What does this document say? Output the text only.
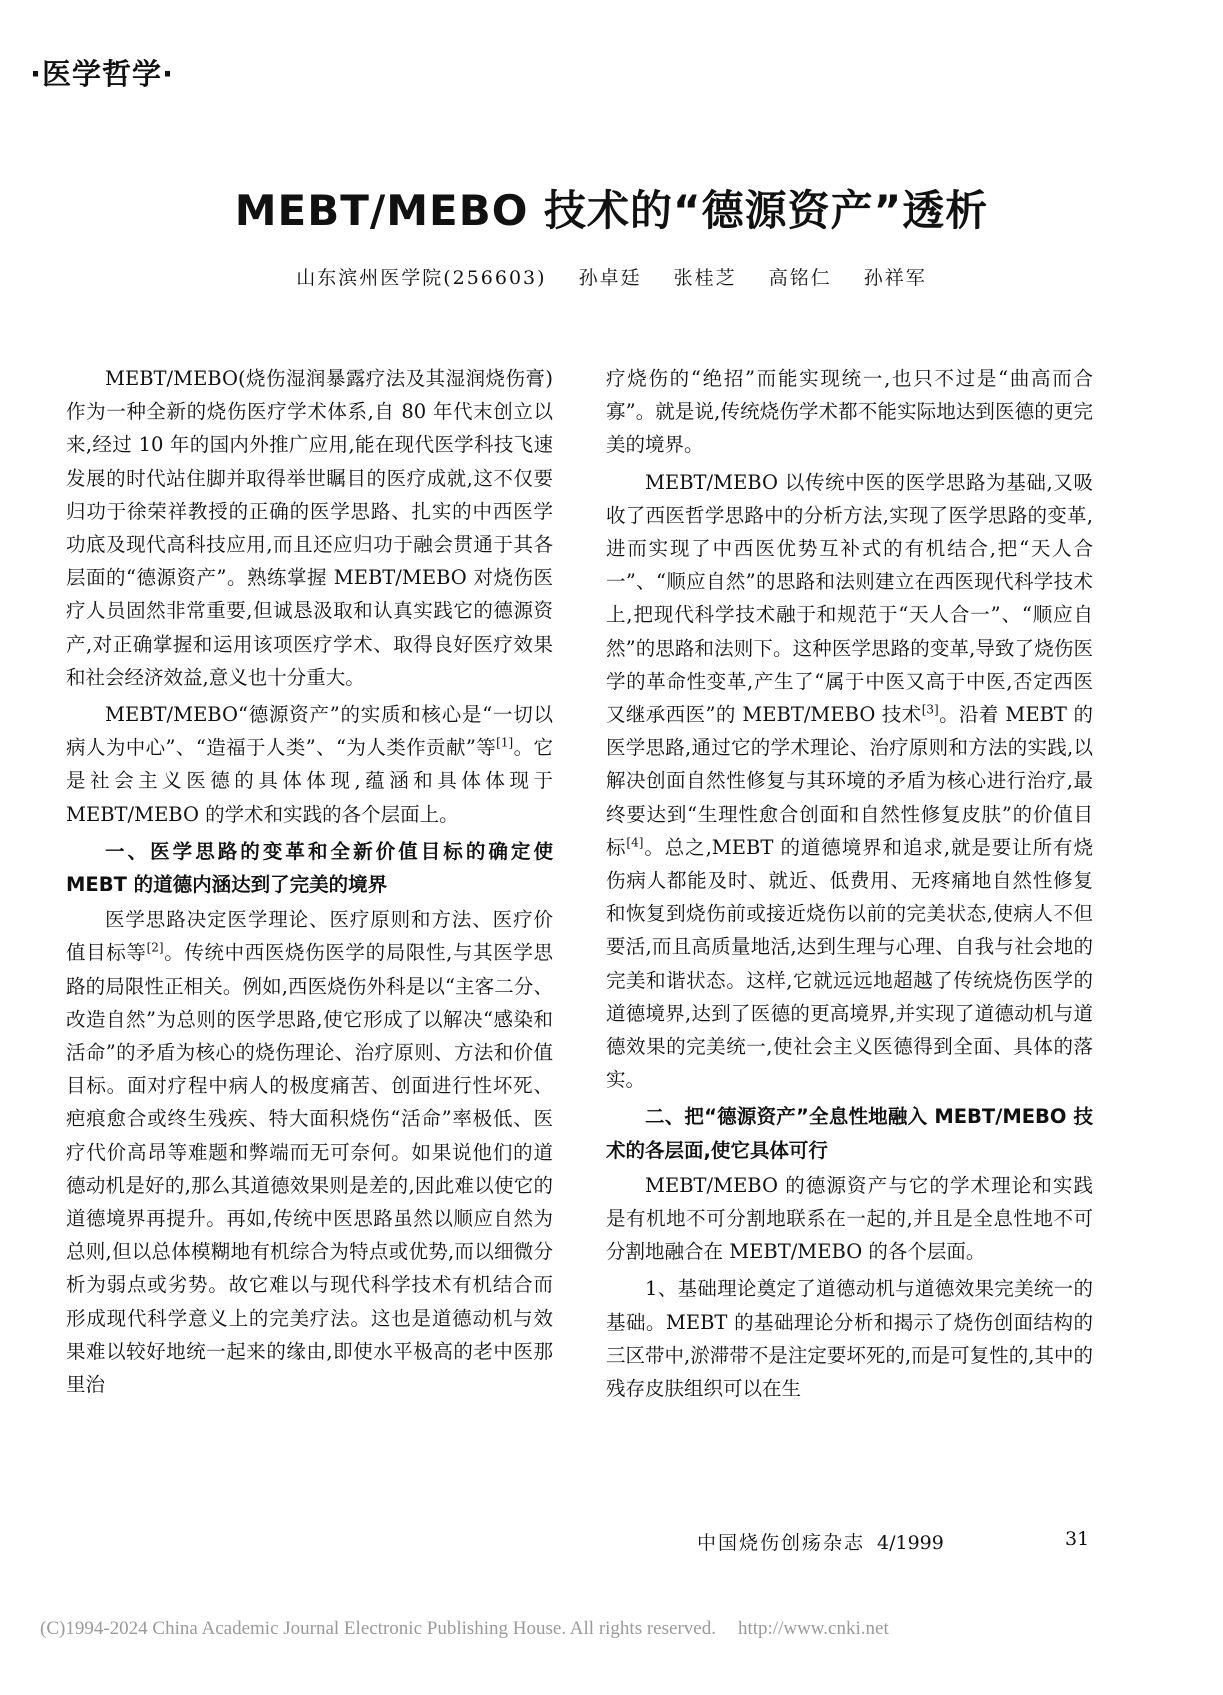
·医学哲学·
MEBT/MEBO 技术的“德源资产”透析
山东滨州医学院(256603) 孙卓廷 张桂芝 高铭仁 孙祥军

MEBT/MEBO(烧伤湿润暴露疗法及其湿润烧伤膏)作为一种全新的烧伤医疗学术体系,自 80 年代末创立以来,经过 10 年的国内外推广应用,能在现代医学科技飞速发展的时代站住脚并取得举世瞩目的医疗成就,这不仅要归功于徐荣祥教授的正确的医学思路、扎实的中西医学功底及现代高科技应用,而且还应归功于融会贯通于其各层面的“德源资产”。熟练掌握 MEBT/MEBO 对烧伤医疗人员固然非常重要,但诚恳汲取和认真实践它的德源资产,对正确掌握和运用该项医疗学术、取得良好医疗效果和社会经济效益,意义也十分重大。

MEBT/MEBO“德源资产”的实质和核心是“一切以病人为中心”、“造福于人类”、“为人类作贡献”等[1]。它是社会主义医德的具体体现,蕴涵和具体体现于 MEBT/MEBO 的学术和实践的各个层面上。

一、医学思路的变革和全新价值目标的确定使 MEBT 的道德内涵达到了完美的境界

医学思路决定医学理论、医疗原则和方法、医疗价值目标等[2]。传统中西医烧伤医学的局限性,与其医学思路的局限性正相关。例如,西医烧伤外科是以“主客二分、改造自然”为总则的医学思路,使它形成了以解决“感染和活命”的矛盾为核心的烧伤理论、治疗原则、方法和价值目标。面对疗程中病人的极度痛苦、创面进行性坏死、疤痕愈合或终生残疾、特大面积烧伤“活命”率极低、医疗代价高昂等难题和弊端而无可奈何。如果说他们的道德动机是好的,那么其道德效果则是差的,因此难以使它的道德境界再提升。再如,传统中医思路虽然以顺应自然为总则,但以总体模糊地有机综合为特点或优势,而以细微分析为弱点或劣势。故它难以与现代科学技术有机结合而形成现代科学意义上的完美疗法。这也是道德动机与效果难以较好地统一起来的缘由,即使水平极高的老中医那里治

疗烧伤的“绝招”而能实现统一,也只不过是“曲高而合寡”。就是说,传统烧伤学术都不能实际地达到医德的更完美的境界。

MEBT/MEBO 以传统中医的医学思路为基础,又吸收了西医哲学思路中的分析方法,实现了医学思路的变革,进而实现了中西医优势互补式的有机结合,把“天人合一”、“顺应自然”的思路和法则建立在西医现代科学技术上,把现代科学技术融于和规范于“天人合一”、“顺应自然”的思路和法则下。这种医学思路的变革,导致了烧伤医学的革命性变革,产生了“属于中医又高于中医,否定西医又继承西医”的 MEBT/MEBO 技术[3]。沿着 MEBT 的医学思路,通过它的学术理论、治疗原则和方法的实践,以解决创面自然性修复与其环境的矛盾为核心进行治疗,最终要达到“生理性愈合创面和自然性修复皮肤”的价值目标[4]。总之,MEBT 的道德境界和追求,就是要让所有烧伤病人都能及时、就近、低费用、无疼痛地自然性修复和恢复到烧伤前或接近烧伤以前的完美状态,使病人不但要活,而且高质量地活,达到生理与心理、自我与社会地的完美和谐状态。这样,它就远远地超越了传统烧伤医学的道德境界,达到了医德的更高境界,并实现了道德动机与道德效果的完美统一,使社会主义医德得到全面、具体的落实。

二、把“德源资产”全息性地融入 MEBT/MEBO 技术的各层面,使它具体可行

MEBT/MEBO 的德源资产与它的学术理论和实践是有机地不可分割地联系在一起的,并且是全息性地不可分割地融合在 MEBT/MEBO 的各个层面。

1、基础理论奠定了道德动机与道德效果完美统一的基础。MEBT 的基础理论分析和揭示了烧伤创面结构的三区带中,淤滞带不是注定要坏死的,而是可复性的,其中的残存皮肤组织可以在生

中国烧伤创疡杂志 4/1999	31
(C)1994-2024 China Academic Journal Electronic Publishing House. All rights reserved. http://www.cnki.net
